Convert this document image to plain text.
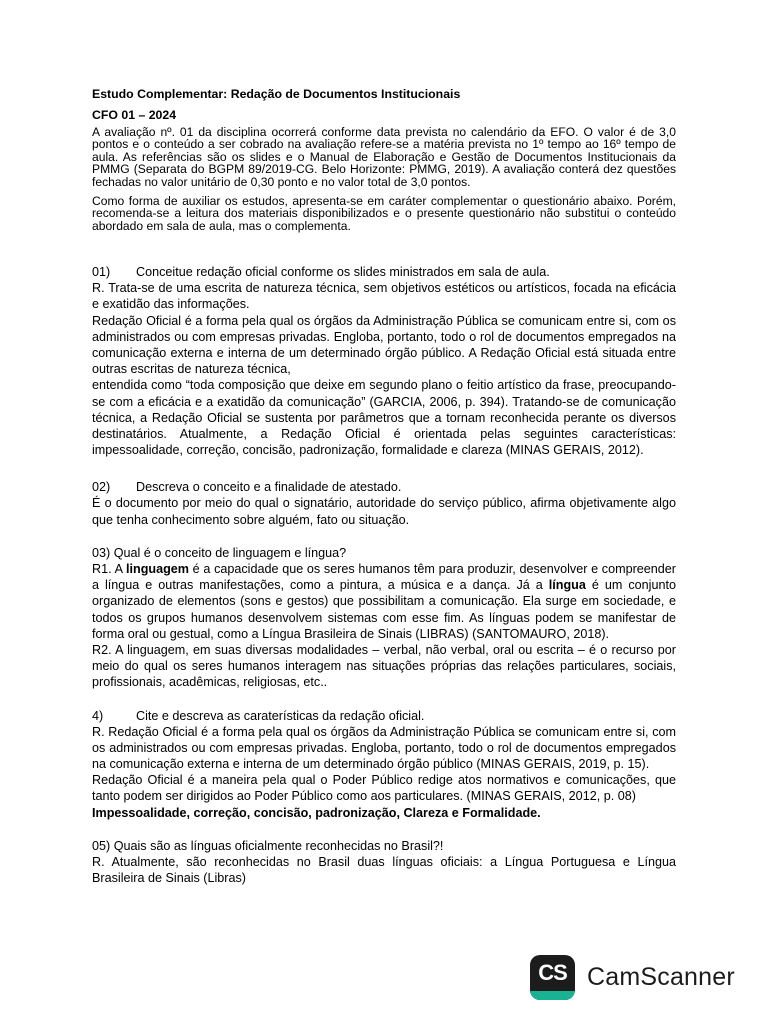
Estudo Complementar: Redação de Documentos Institucionais
CFO 01 – 2024

A avaliação nº. 01 da disciplina ocorrerá conforme data prevista no calendário da EFO. O valor é de 3,0 pontos e o conteúdo a ser cobrado na avaliação refere-se a matéria prevista no 1º tempo ao 16º tempo de aula. As referências são os slides e o Manual de Elaboração e Gestão de Documentos Institucionais da PMMG (Separata do BGPM 89/2019-CG. Belo Horizonte: PMMG, 2019). A avaliação conterá dez questões fechadas no valor unitário de 0,30 ponto e no valor total de 3,0 pontos.

Como forma de auxiliar os estudos, apresenta-se em caráter complementar o questionário abaixo. Porém, recomenda-se a leitura dos materiais disponibilizados e o presente questionário não substitui o conteúdo abordado em sala de aula, mas o complementa.

01) Conceitue redação oficial conforme os slides ministrados em sala de aula.

R. Trata-se de uma escrita de natureza técnica, sem objetivos estéticos ou artísticos, focada na eficácia e exatidão das informações.

Redação Oficial é a forma pela qual os órgãos da Administração Pública se comunicam entre si, com os administrados ou com empresas privadas. Engloba, portanto, todo o rol de documentos empregados na comunicação externa e interna de um determinado órgão público. A Redação Oficial está situada entre outras escritas de natureza técnica,

entendida como “toda composição que deixe em segundo plano o feitio artístico da frase, preocupando-se com a eficácia e a exatidão da comunicação” (GARCIA, 2006, p. 394). Tratando-se de comunicação técnica, a Redação Oficial se sustenta por parâmetros que a tornam reconhecida perante os diversos destinatários. Atualmente, a Redação Oficial é orientada pelas seguintes características: impessoalidade, correção, concisão, padronização, formalidade e clareza (MINAS GERAIS, 2012).

02) Descreva o conceito e a finalidade de atestado.

É o documento por meio do qual o signatário, autoridade do serviço público, afirma objetivamente algo que tenha conhecimento sobre alguém, fato ou situação.

03) Qual é o conceito de linguagem e língua?

R1. A linguagem é a capacidade que os seres humanos têm para produzir, desenvolver e compreender a língua e outras manifestações, como a pintura, a música e a dança. Já a língua é um conjunto organizado de elementos (sons e gestos) que possibilitam a comunicação. Ela surge em sociedade, e todos os grupos humanos desenvolvem sistemas com esse fim. As línguas podem se manifestar de forma oral ou gestual, como a Língua Brasileira de Sinais (LIBRAS) (SANTOMAURO, 2018).

R2. A linguagem, em suas diversas modalidades – verbal, não verbal, oral ou escrita – é o recurso por meio do qual os seres humanos interagem nas situações próprias das relações particulares, sociais, profissionais, acadêmicas, religiosas, etc..

4)	Cite e descreva as caraterísticas da redação oficial.

R. Redação Oficial é a forma pela qual os órgãos da Administração Pública se comunicam entre si, com os administrados ou com empresas privadas. Engloba, portanto, todo o rol de documentos empregados na comunicação externa e interna de um determinado órgão público (MINAS GERAIS, 2019, p. 15).

Redação Oficial é a maneira pela qual o Poder Público redige atos normativos e comunicações, que tanto podem ser dirigidos ao Poder Público como aos particulares. (MINAS GERAIS, 2012, p. 08)

Impessoalidade, correção, concisão, padronização, Clareza e Formalidade.

05) Quais são as línguas oficialmente reconhecidas no Brasil?!

R. Atualmente, são reconhecidas no Brasil duas línguas oficiais: a Língua Portuguesa e Língua Brasileira de Sinais (Libras)

CS CamScanner
